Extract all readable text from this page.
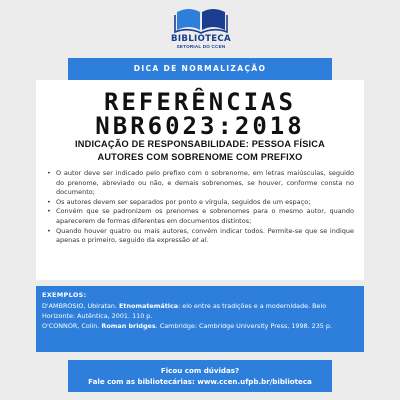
BIBLIOTECA
SETORIAL DO CCEN
DICA DE NORMALIZAÇÃO
REFERÊNCIAS
NBR6023:2018
INDICAÇÃO DE RESPONSABILIDADE: PESSOA FÍSICA
AUTORES COM SOBRENOME COM PREFIXO
• O autor deve ser indicado pelo prefixo com o sobrenome, em letras maiúsculas, seguido do prenome, abreviado ou não, e demais sobrenomes, se houver, conforme consta no documento;
• Os autores devem ser separados por ponto e vírgula, seguidos de um espaço;
• Convém que se padronizem os prenomes e sobrenomes para o mesmo autor, quando aparecerem de formas diferentes em documentos distintos;
• Quando houver quatro ou mais autores, convém indicar todos. Permite-se que se indique apenas o primeiro, seguido da expressão et al.
EXEMPLOS:
D'AMBROSIO, Ubiratan. Etnomatemática: elo entre as tradições e a modernidade. Belo Horizonte: Autêntica, 2001. 110 p.
O'CONNOR, Colin. Roman bridges. Cambridge: Cambridge University Press, 1998. 235 p.
Ficou com dúvidas?
Fale com as bibliotecárias: www.ccen.ufpb.br/biblioteca
